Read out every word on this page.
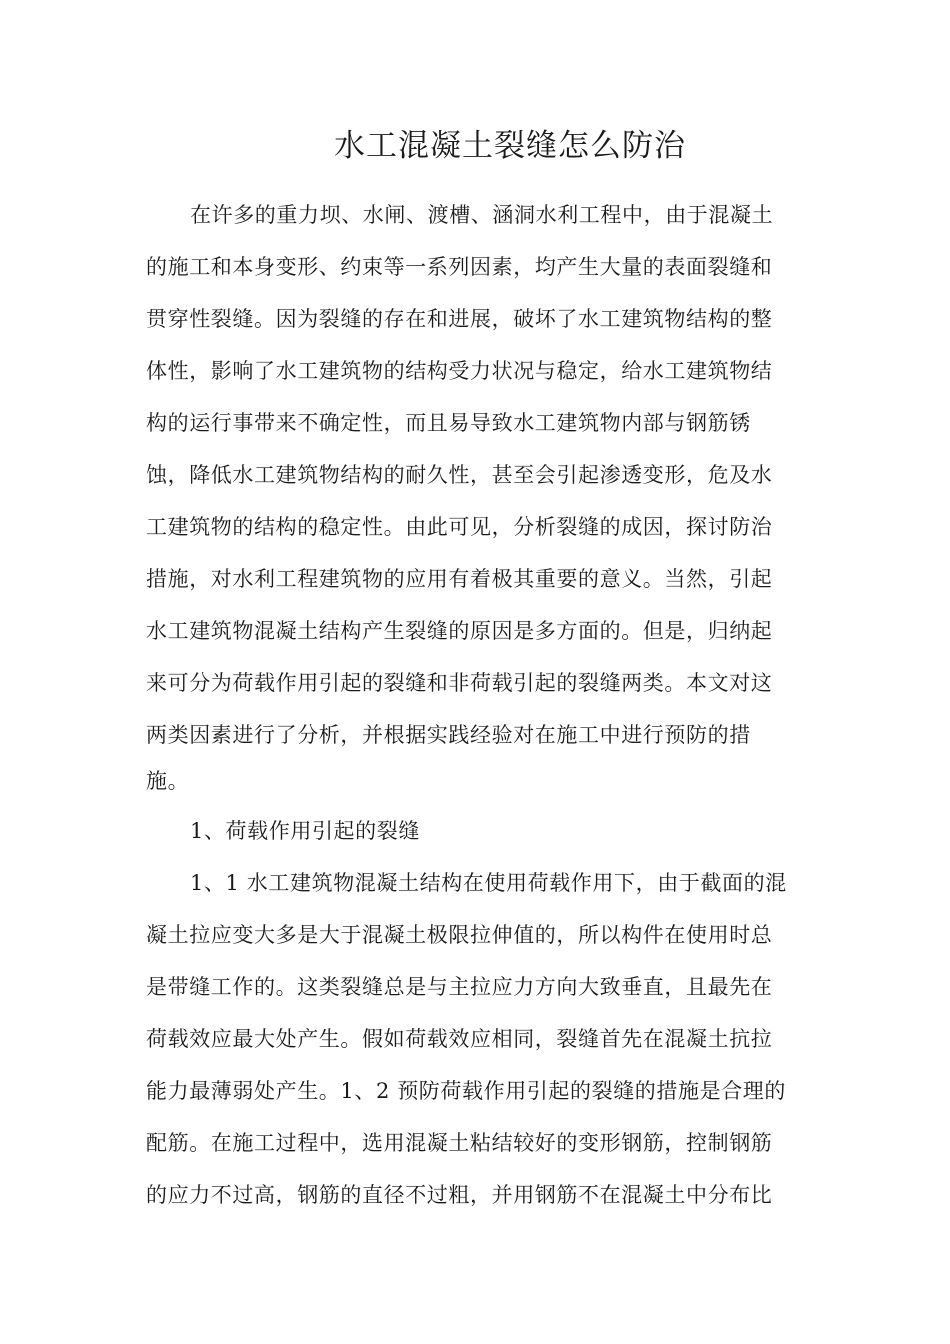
水工混凝土裂缝怎么防治
在许多的重力坝、水闸、渡槽、涵洞水利工程中，由于混凝土
的施工和本身变形、约束等一系列因素，均产生大量的表面裂缝和
贯穿性裂缝。因为裂缝的存在和进展，破坏了水工建筑物结构的整
体性，影响了水工建筑物的结构受力状况与稳定，给水工建筑物结
构的运行事带来不确定性，而且易导致水工建筑物内部与钢筋锈
蚀，降低水工建筑物结构的耐久性，甚至会引起渗透变形，危及水
工建筑物的结构的稳定性。由此可见，分析裂缝的成因，探讨防治
措施，对水利工程建筑物的应用有着极其重要的意义。当然，引起
水工建筑物混凝土结构产生裂缝的原因是多方面的。但是，归纳起
来可分为荷载作用引起的裂缝和非荷载引起的裂缝两类。本文对这
两类因素进行了分析，并根据实践经验对在施工中进行预防的措
施。
1、荷载作用引起的裂缝
1、1 水工建筑物混凝土结构在使用荷载作用下，由于截面的混
凝土拉应变大多是大于混凝土极限拉伸值的，所以构件在使用时总
是带缝工作的。这类裂缝总是与主拉应力方向大致垂直，且最先在
荷载效应最大处产生。假如荷载效应相同，裂缝首先在混凝土抗拉
能力最薄弱处产生。1、2 预防荷载作用引起的裂缝的措施是合理的
配筋。在施工过程中，选用混凝土粘结较好的变形钢筋，控制钢筋
的应力不过高，钢筋的直径不过粗，并用钢筋不在混凝土中分布比
